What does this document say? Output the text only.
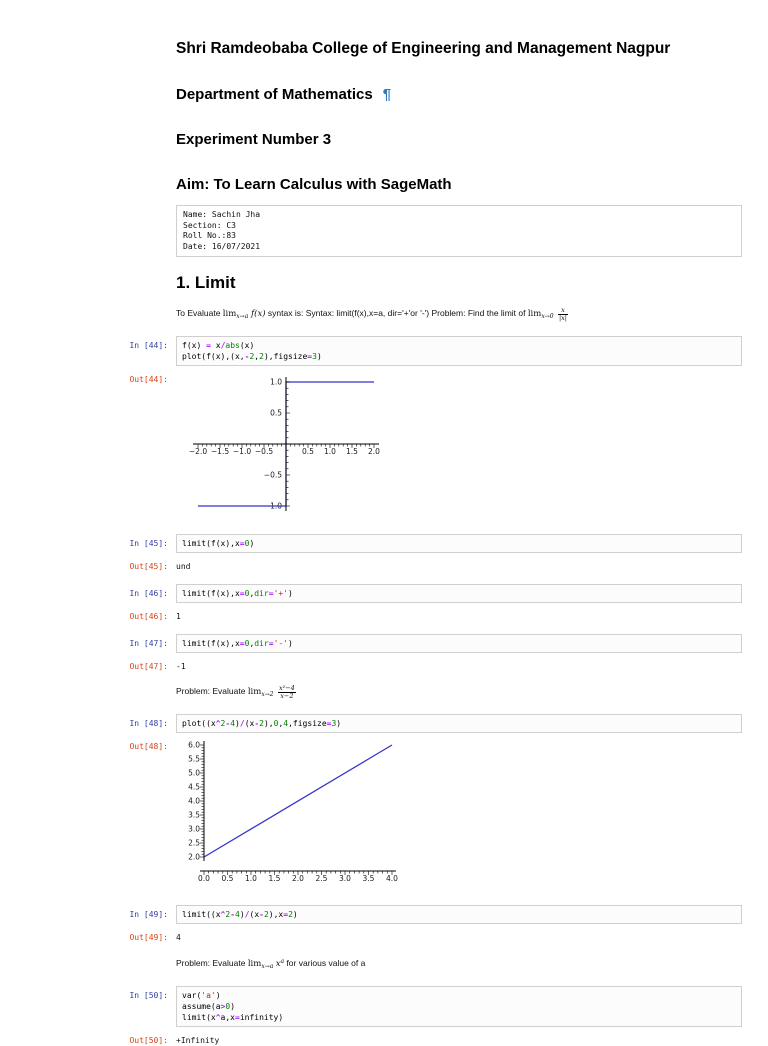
Shri Ramdeobaba College of Engineering and Management Nagpur
Department of Mathematics ¶
Experiment Number 3
Aim: To Learn Calculus with SageMath
Name: Sachin Jha
Section: C3
Roll No.:83
Date: 16/07/2021
1. Limit

To Evaluate $\lim_{x\to a} f(x)$ syntax is: Syntax: limit(f(x),x=a, dir='+'or '-') Problem: Find the limit of $\lim_{x\to 0} \frac{x}{|x|}$

In [44]:	f(x) = x/abs(x)
plot(f(x),(x,-2,2),figsize=3)
Out[44]:
−2.0 −1.5 −1.0 −0.5	0.5 1.0 1.5 2.0
1.0
0.5
−0.5
−1.0
In [45]:	limit(f(x),x=0)
Out[45]:	und
In [46]:	limit(f(x),x=0,dir='+')
Out[46]:	1
In [47]:	limit(f(x),x=0,dir='-')
Out[47]:	-1

Problem: Evaluate $\lim_{x\to 2} \frac{\text{x²−4}}{x-2}$

In [48]:	plot((x^2-4)/(x-2),0,4,figsize=3)
Out[48]:
0.0 0.5 1.0 1.5 2.0 2.5 3.0 3.5 4.0
2.0
2.5
3.0
3.5
4.0
4.5
5.0
5.5
6.0
In [49]:	limit((x^2-4)/(x-2),x=2)
Out[49]:	4

Problem: Evaluate $\lim_{x\to a} x^a$ for various value of a

In [50]:	var('a')
assume(a>0)
limit(x^a,x=infinity)
Out[50]:	+Infinity
